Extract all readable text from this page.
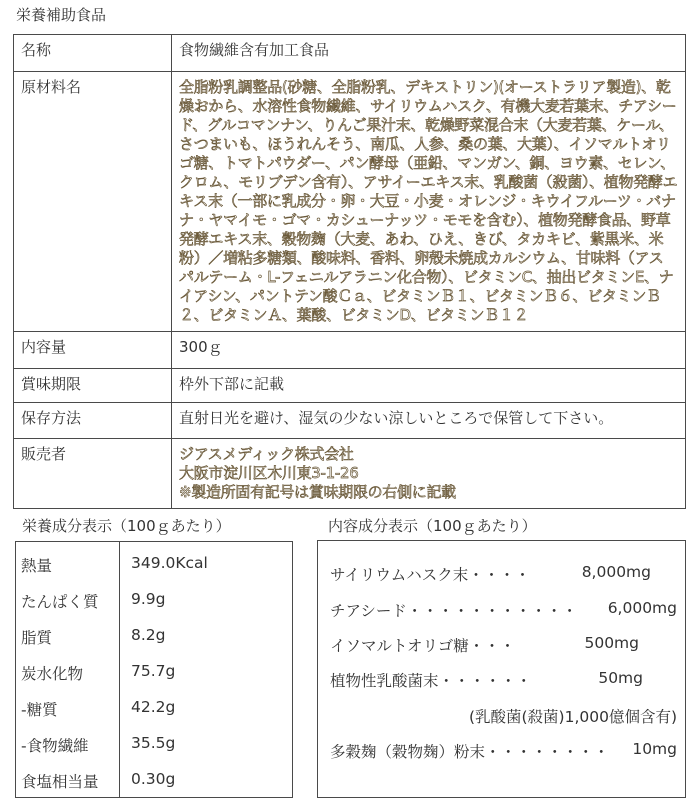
栄養補助食品
名称	食物繊維含有加工食品
原材料名	全脂粉乳調整品(砂糖、全脂粉乳、デキストリン)(オーストラリア製造)、乾燥おから、水溶性食物繊維、サイリウムハスク、有機大麦若葉末、チアシード、グルコマンナン、りんご果汁末、乾燥野菜混合末（大麦若葉、ケール、さつまいも、ほうれんそう、南瓜、人参、桑の葉、大葉）、イソマルトオリゴ糖、トマトパウダー、パン酵母（亜鉛、マンガン、銅、ヨウ素、セレン、クロム、モリブデン含有）、アサイーエキス末、乳酸菌（殺菌）、植物発酵エキス末（一部に乳成分・卵・大豆・小麦・オレンジ・キウイフルーツ・バナナ・ヤマイモ・ゴマ・カシューナッツ・モモを含む）、植物発酵食品、野草発酵エキス末、穀物麹（大麦、あわ、ひえ、きび、タカキビ、紫黒米、米粉）／増粘多糖類、酸味料、香料、卵殻未焼成カルシウム、甘味料（アスパルテーム・L-フェニルアラニン化合物）、ビタミンC、抽出ビタミンE、ナイアシン、パントテン酸Ｃａ、ビタミンＢ１、ビタミンＢ６、ビタミンＢ２、ビタミンＡ、葉酸、ビタミンD、ビタミンＢ１２
内容量	300ｇ
賞味期限	枠外下部に記載
保存方法	直射日光を避け、湿気の少ない涼しいところで保管して下さい。
販売者	ジアスメディック株式会社
大阪市淀川区木川東3-1-26
※製造所固有記号は賞味期限の右側に記載
栄養成分表示（100ｇあたり）
熱量	349.0Kcal
たんぱく質 9.9g
脂質	8.2g
炭水化物	75.7g
-糖質	42.2g
-食物繊維	35.5g
食塩相当量 0.30g
内容成分表示（100ｇあたり）
サイリウムハスク末・・・・	8,000mg
チアシード・・・・・・・・・・・ 6,000mg
イソマルトオリゴ糖・・・	500mg
植物性乳酸菌末・・・・・・	50mg
(乳酸菌(殺菌)1,000億個含有)
多穀麹（穀物麹）粉末・・・・・・・・ 10mg
